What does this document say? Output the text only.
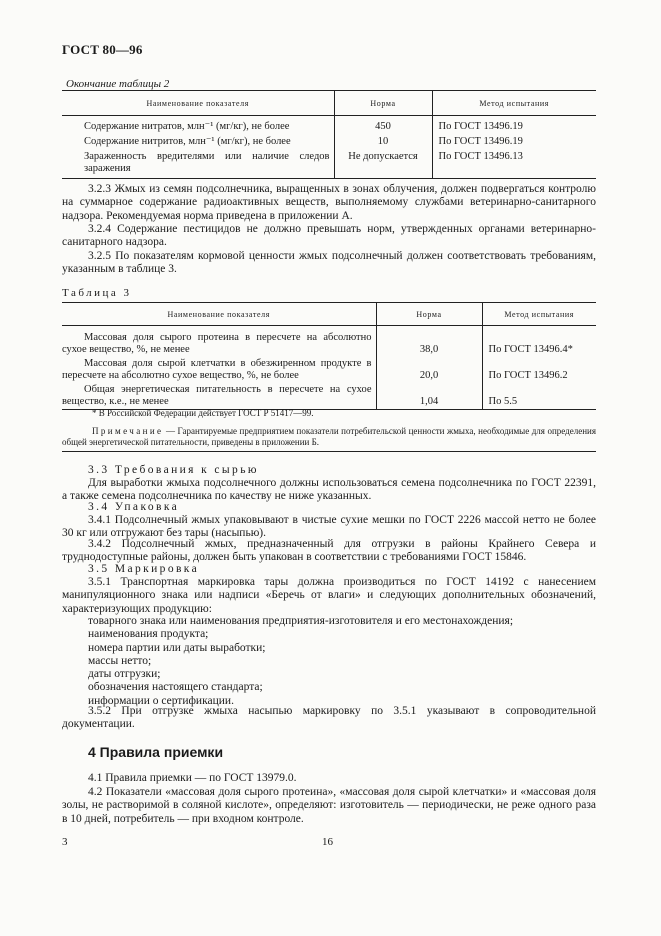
ГОСТ 80—96
Окончание таблицы 2
Наименование показателя	Норма	Метод испытания
Содержание нитратов, млн⁻¹ (мг/кг), не более	450	По ГОСТ 13496.19
Содержание нитритов, млн⁻¹ (мг/кг), не более	10	По ГОСТ 13496.19
Зараженность вредителями или наличие следов заражения	Не допускается	По ГОСТ 13496.13
3.2.3 Жмых из семян подсолнечника, выращенных в зонах облучения, должен подвергаться контролю на суммарное содержание радиоактивных веществ, выполняемому службами ветеринарно-санитарного надзора. Рекомендуемая норма приведена в приложении А.
3.2.4 Содержание пестицидов не должно превышать норм, утвержденных органами ветеринарно-санитарного надзора.
3.2.5 По показателям кормовой ценности жмых подсолнечный должен соответствовать требованиям, указанным в таблице 3.
Таблица 3
Наименование показателя	Норма	Метод испытания
Массовая доля сырого протеина в пересчете на абсолютно сухое вещество, %, не менее	38,0	По ГОСТ 13496.4*
Массовая доля сырой клетчатки в обезжиренном продукте в пересчете на абсолютно сухое вещество, %, не более	20,0	По ГОСТ 13496.2
Общая энергетическая питательность в пересчете на сухое вещество, к.е., не менее	1,04	По 5.5
* В Российской Федерации действует ГОСТ Р 51417—99.
Примечание — Гарантируемые предприятием показатели потребительской ценности жмыха, необходимые для определения общей энергетической питательности, приведены в приложении Б.
3.3 Требования к сырью
Для выработки жмыха подсолнечного должны использоваться семена подсолнечника по ГОСТ 22391, а также семена подсолнечника по качеству не ниже указанных.
3.4 Упаковка
3.4.1 Подсолнечный жмых упаковывают в чистые сухие мешки по ГОСТ 2226 массой нетто не более 30 кг или отгружают без тары (насыпью).
3.4.2 Подсолнечный жмых, предназначенный для отгрузки в районы Крайнего Севера и труднодоступные районы, должен быть упакован в соответствии с требованиями ГОСТ 15846.
3.5 Маркировка
3.5.1 Транспортная маркировка тары должна производиться по ГОСТ 14192 с нанесением манипуляционного знака или надписи «Беречь от влаги» и следующих дополнительных обозначений, характеризующих продукцию:
товарного знака или наименования предприятия-изготовителя и его местонахождения;
наименования продукта;
номера партии или даты выработки;
массы нетто;
даты отгрузки;
обозначения настоящего стандарта;
информации о сертификации.
3.5.2 При отгрузке жмыха насыпью маркировку по 3.5.1 указывают в сопроводительной документации.
4 Правила приемки
4.1 Правила приемки — по ГОСТ 13979.0.
4.2 Показатели «массовая доля сырого протеина», «массовая доля сырой клетчатки» и «массовая доля золы, не растворимой в соляной кислоте», определяют: изготовитель — периодически, не реже одного раза в 10 дней, потребитель — при входном контроле.
3	16
